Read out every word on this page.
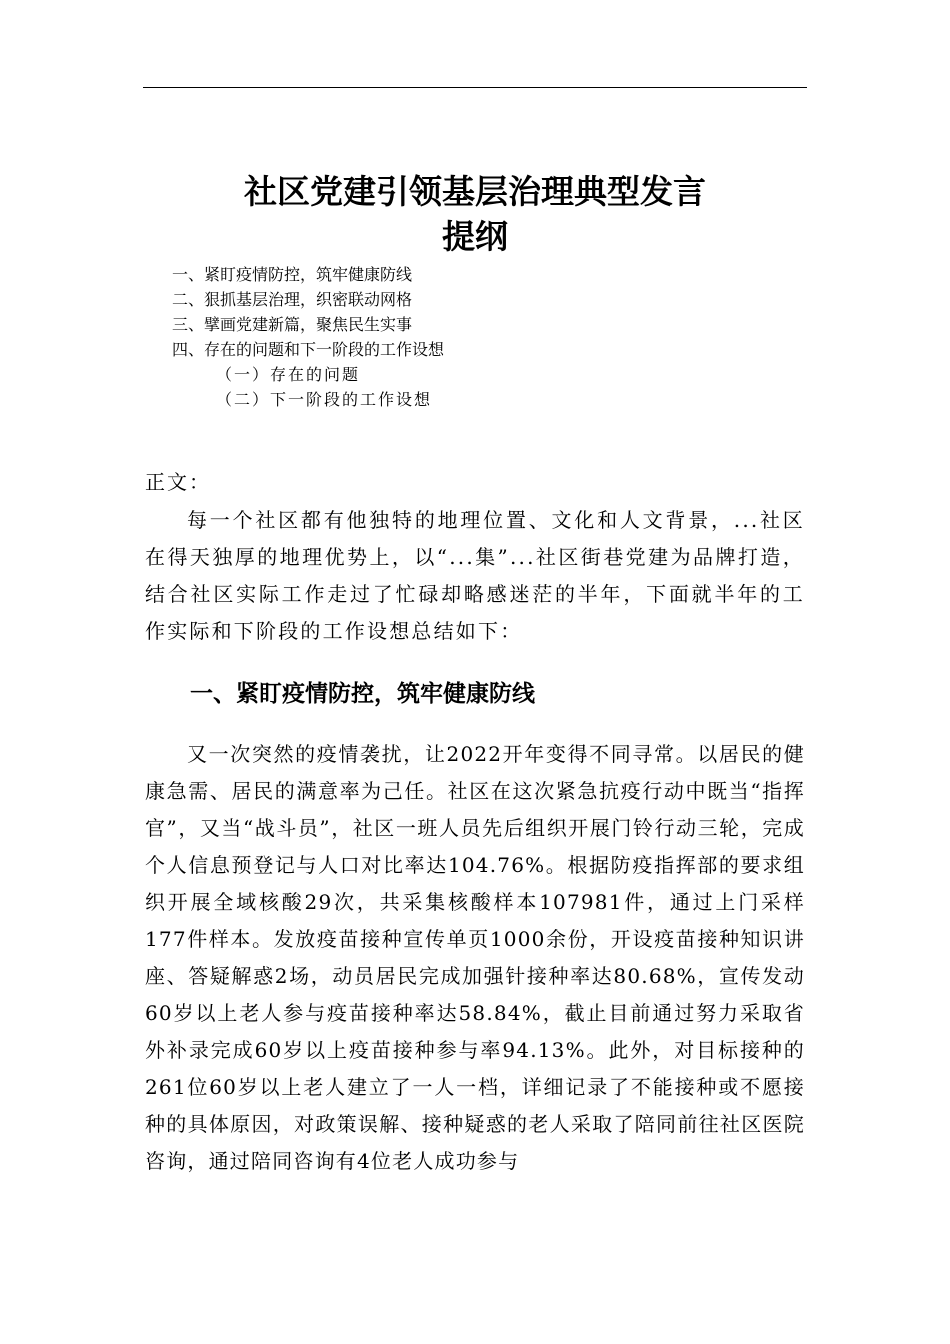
社区党建引领基层治理典型发言
提纲
一、紧盯疫情防控，筑牢健康防线
二、狠抓基层治理，织密联动网格
三、擘画党建新篇，聚焦民生实事
四、存在的问题和下一阶段的工作设想
（一）存在的问题
（二）下一阶段的工作设想

正文：

每一个社区都有他独特的地理位置、文化和人文背景，...社区在得天独厚的地理优势上，以“...集”...社区街巷党建为品牌打造，结合社区实际工作走过了忙碌却略感迷茫的半年，下面就半年的工作实际和下阶段的工作设想总结如下：

一、紧盯疫情防控，筑牢健康防线

又一次突然的疫情袭扰，让2022开年变得不同寻常。以居民的健康急需、居民的满意率为己任。社区在这次紧急抗疫行动中既当“指挥官”，又当“战斗员”，社区一班人员先后组织开展门铃行动三轮，完成个人信息预登记与人口对比率达104.76%。根据防疫指挥部的要求组织开展全域核酸29次，共采集核酸样本107981件，通过上门采样177件样本。发放疫苗接种宣传单页1000余份，开设疫苗接种知识讲座、答疑解惑2场，动员居民完成加强针接种率达80.68%，宣传发动60岁以上老人参与疫苗接种率达58.84%，截止目前通过努力采取省外补录完成60岁以上疫苗接种参与率94.13%。此外，对目标接种的261位60岁以上老人建立了一人一档，详细记录了不能接种或不愿接种的具体原因，对政策误解、接种疑惑的老人采取了陪同前往社区医院咨询，通过陪同咨询有4位老人成功参与
